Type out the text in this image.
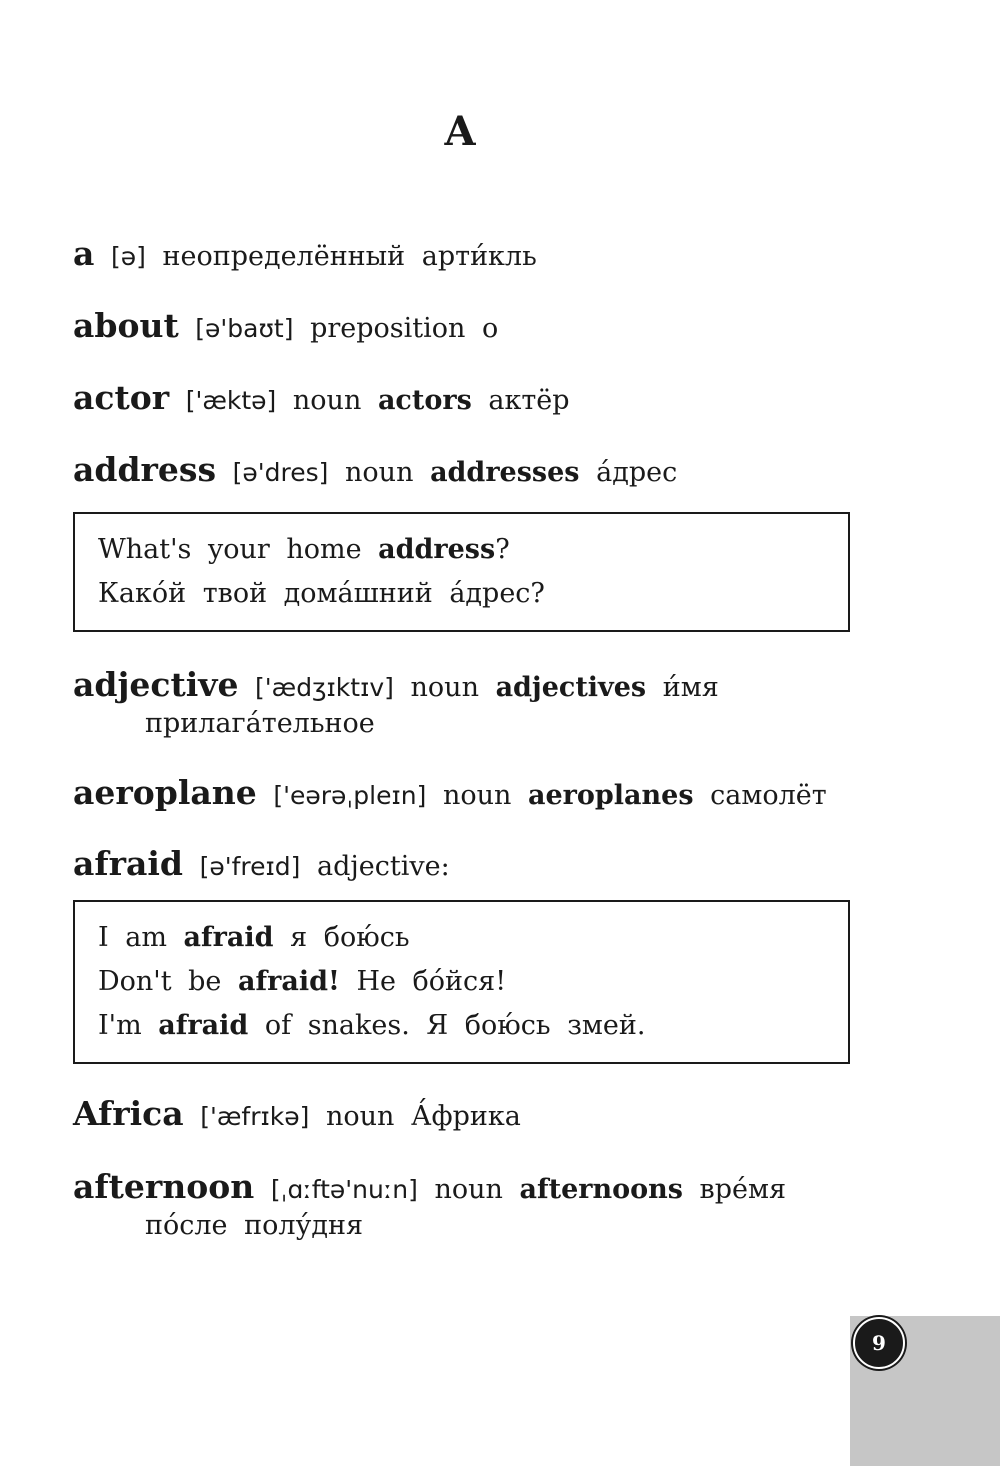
A
a [ə] неопределённый арти́кль
about [ə'baʊt] preposition о
actor ['æktə] noun actors актёр
address [ə'dres] noun addresses а́дрес
What's your home address?
Како́й твой дома́шний а́дрес?
adjective ['ædʒɪktɪv] noun adjectives и́мя
прилага́тельное
aeroplane ['eərəˌpleɪn] noun aeroplanes самолёт
afraid [ə'freɪd] adjective:
I am afraid я бою́сь
Don't be afraid! Не бо́йся!
I'm afraid of snakes. Я бою́сь змей.
Africa ['æfrɪkə] noun А́фрика
afternoon [ˌɑːftə'nuːn] noun afternoons вре́мя
по́сле полу́дня
9
